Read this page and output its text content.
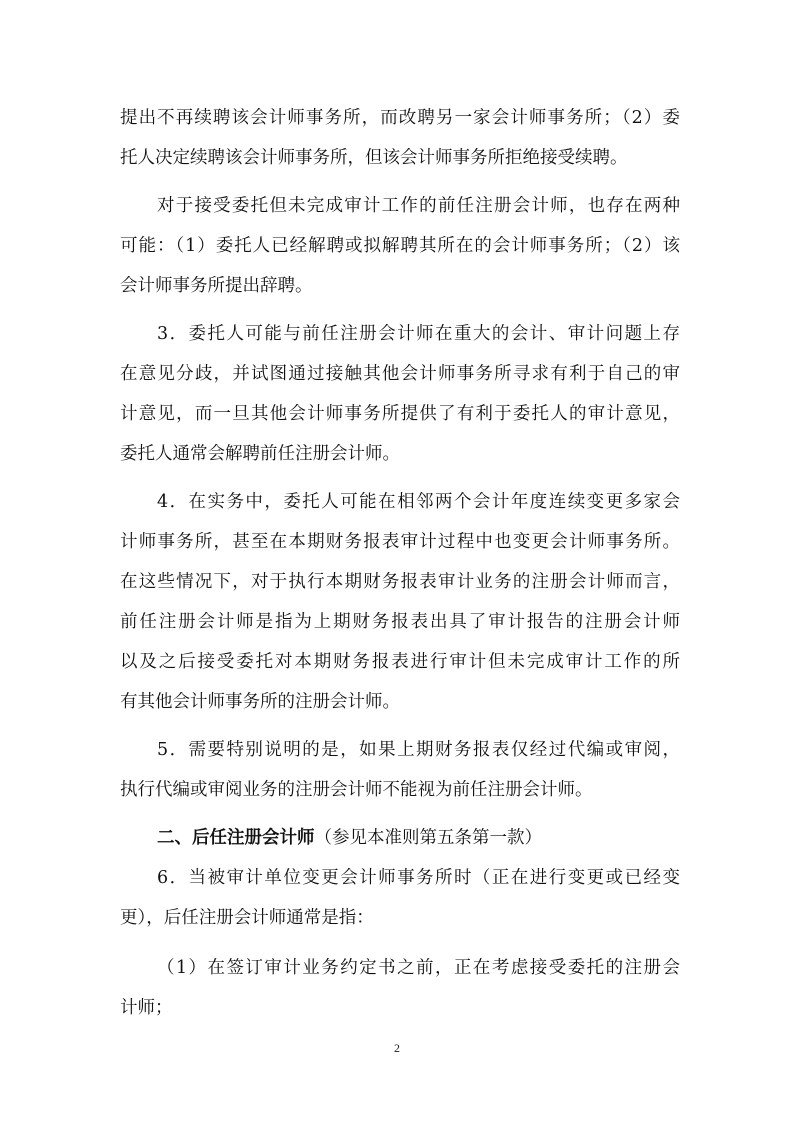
提出不再续聘该会计师事务所，而改聘另一家会计师事务所；（2）委
托人决定续聘该会计师事务所，但该会计师事务所拒绝接受续聘。
对于接受委托但未完成审计工作的前任注册会计师，也存在两种
可能：（1）委托人已经解聘或拟解聘其所在的会计师事务所；（2）该
会计师事务所提出辞聘。
3．委托人可能与前任注册会计师在重大的会计、审计问题上存
在意见分歧，并试图通过接触其他会计师事务所寻求有利于自己的审
计意见，而一旦其他会计师事务所提供了有利于委托人的审计意见，
委托人通常会解聘前任注册会计师。
4．在实务中，委托人可能在相邻两个会计年度连续变更多家会
计师事务所，甚至在本期财务报表审计过程中也变更会计师事务所。
在这些情况下，对于执行本期财务报表审计业务的注册会计师而言，
前任注册会计师是指为上期财务报表出具了审计报告的注册会计师
以及之后接受委托对本期财务报表进行审计但未完成审计工作的所
有其他会计师事务所的注册会计师。
5．需要特别说明的是，如果上期财务报表仅经过代编或审阅，
执行代编或审阅业务的注册会计师不能视为前任注册会计师。
二、后任注册会计师（参见本准则第五条第一款）
6．当被审计单位变更会计师事务所时（正在进行变更或已经变
更），后任注册会计师通常是指：
（1）在签订审计业务约定书之前，正在考虑接受委托的注册会
计师；
2
